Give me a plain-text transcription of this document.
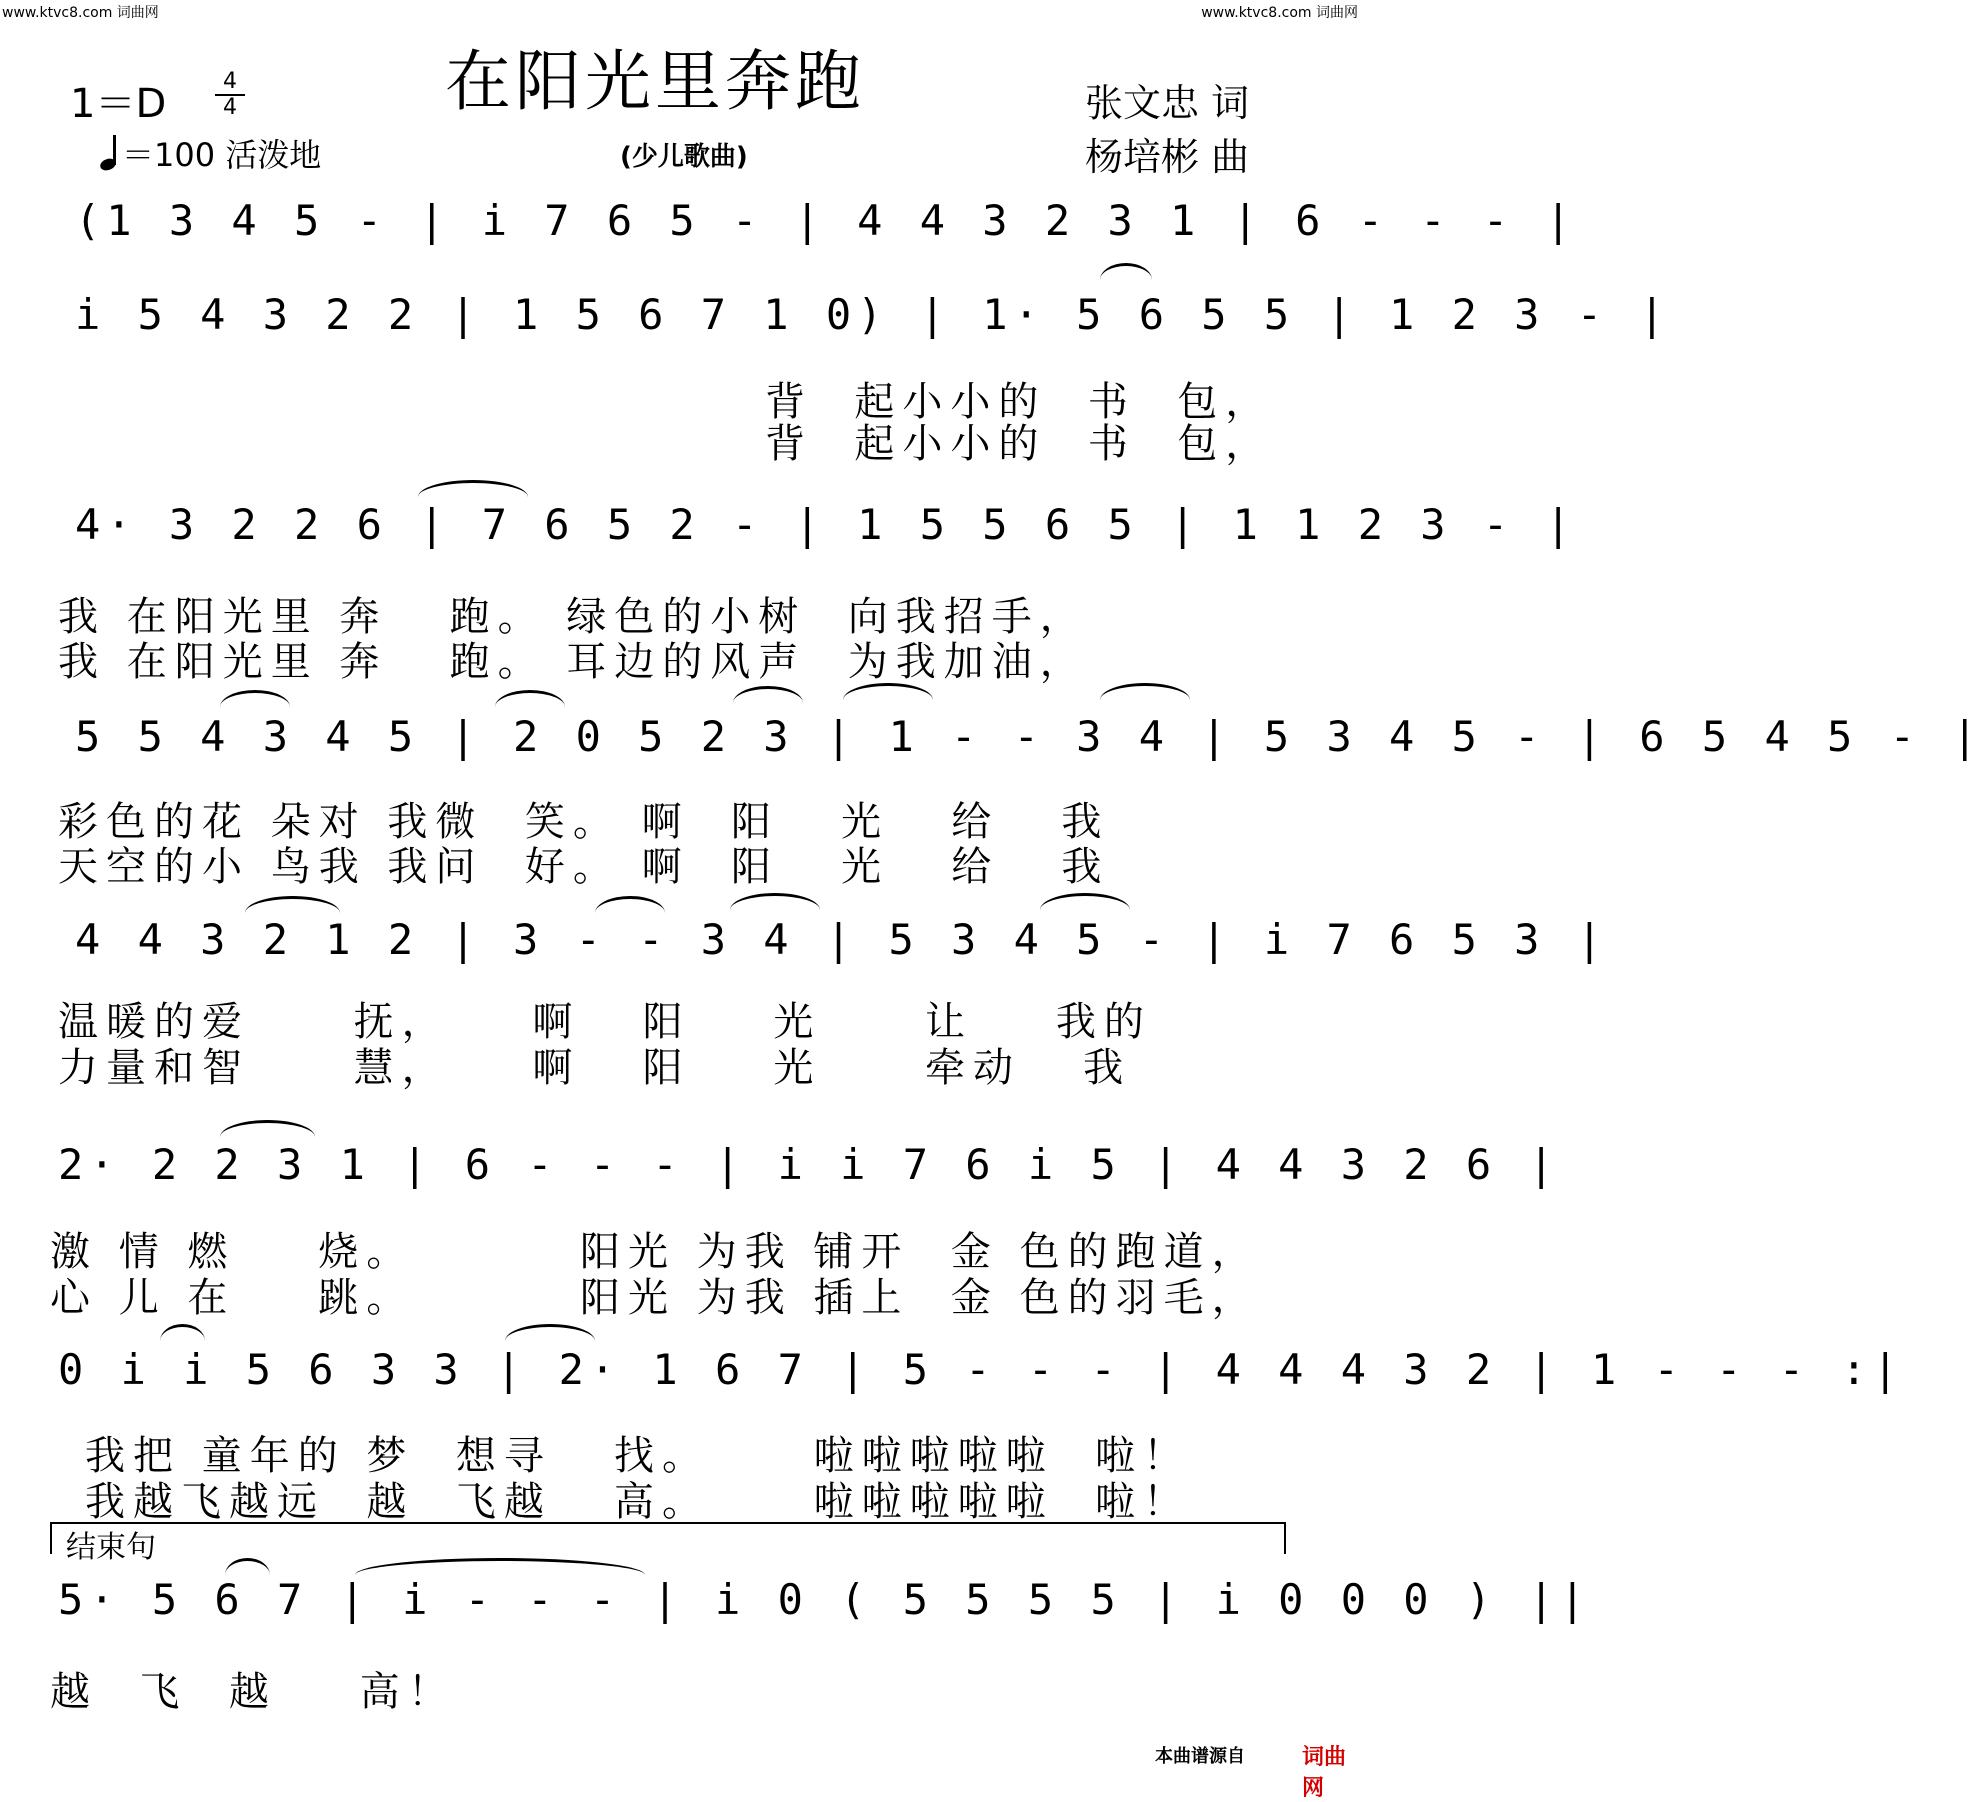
www.ktvc8.com 词曲网	www.ktvc8.com 词曲网
在阳光里奔跑
1＝D	4
4
＝100 活泼地	(少儿歌曲)
张文忠 词
杨培彬 曲
(1 3 4 5 - | i 7 6 5 - | 4 4 3 2 3 1 | 6 - - - |
i 5 4 3 2 2 | 1 5 6 7 1 0) | 1· 5 6 5 5 | 1 2 3 - |
背  起小小的  书  包，
背  起小小的  书  包，
4· 3 2 2 6 | 7 6 5 2 - | 1 5 5 6 5 | 1 1 2 3 - |
我 在阳光里 奔   跑。 绿色的小树  向我招手，
我 在阳光里 奔   跑。 耳边的风声  为我加油，
5 5 4 3 4 5 | 2 0 5 2 3 | 1 - - 3 4 | 5 3 4 5 - | 6 5 4 5 - |
彩色的花 朵对 我微  笑。 啊  阳   光   给   我
天空的小 鸟我 我问  好。 啊  阳   光   给   我
4 4 3 2 1 2 | 3 - - 3 4 | 5 3 4 5 - | i 7 6 5 3 |
温暖的爱     抚，    啊   阳    光     让    我的
力量和智     慧，    啊   阳    光     牵动   我
2· 2 2 3 1 | 6 - - - | i i 7 6 i 5 | 4 4 3 2 6 |
激 情 燃    烧。        阳光 为我 铺开  金 色的跑道，
心 儿 在    跳。        阳光 为我 插上  金 色的羽毛，
0 i i 5 6 3 3 | 2· 1 6 7 | 5 - - - | 4 4 4 3 2 | 1 - - - :|
我把 童年的 梦  想寻   找。     啦啦啦啦啦  啦！
我越飞越远  越  飞越   高。     啦啦啦啦啦  啦！
结束句
5· 5 6 7 | i - - - | i 0 ( 5 5 5 5 | i 0 0 0 ) ||
越  飞  越    高！
本曲谱源自	词曲网
